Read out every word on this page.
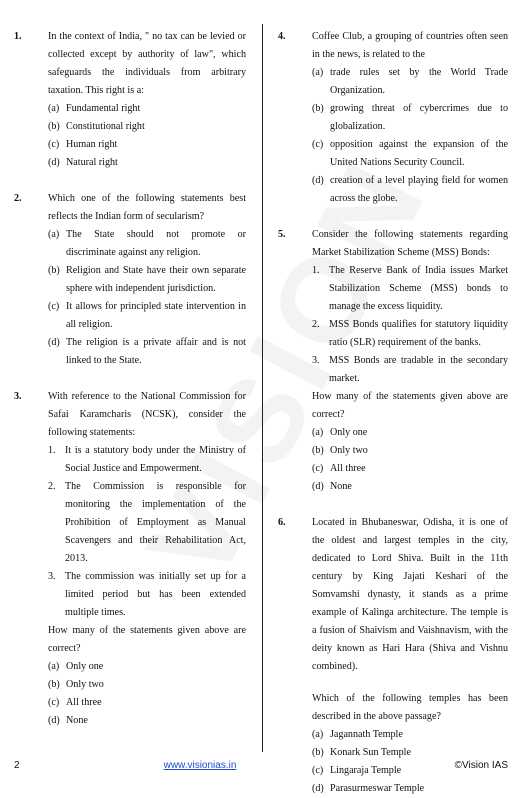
1.	In the context of India, " no tax can be levied or collected except by authority of law", which safeguards the individuals from arbitrary taxation. This right is a:
(a) Fundamental right
(b) Constitutional right
(c) Human right
(d) Natural right
2.	Which one of the following statements best reflects the Indian form of secularism?
(a) The State should not promote or discriminate against any religion.
(b) Religion and State have their own separate sphere with independent jurisdiction.
(c) It allows for principled state intervention in all religion.
(d) The religion is a private affair and is not linked to the State.
3.	With reference to the National Commission for Safai Karamcharis (NCSK), consider the following statements:
1. It is a statutory body under the Ministry of Social Justice and Empowerment.
2. The Commission is responsible for monitoring the implementation of the Prohibition of Employment as Manual Scavengers and their Rehabilitation Act, 2013.
3. The commission was initially set up for a limited period but has been extended multiple times.
How many of the statements given above are correct?
(a) Only one
(b) Only two
(c) All three
(d) None
4.	Coffee Club, a grouping of countries often seen in the news, is related to the
(a) trade rules set by the World Trade Organization.
(b) growing threat of cybercrimes due to globalization.
(c) opposition against the expansion of the United Nations Security Council.
(d) creation of a level playing field for women across the globe.
5.	Consider the following statements regarding Market Stabilization Scheme (MSS) Bonds:
1. The Reserve Bank of India issues Market Stabilization Scheme (MSS) bonds to manage the excess liquidity.
2. MSS Bonds qualifies for statutory liquidity ratio (SLR) requirement of the banks.
3. MSS Bonds are tradable in the secondary market.
How many of the statements given above are correct?
(a) Only one
(b) Only two
(c) All three
(d) None
6.	Located in Bhubaneswar, Odisha, it is one of the oldest and largest temples in the city, dedicated to Lord Shiva. Built in the 11th century by King Jajati Keshari of the Somvamshi dynasty, it stands as a prime example of Kalinga architecture. The temple is a fusion of Shaivism and Vaishnavism, with the deity known as Hari Hara (Shiva and Vishnu combined).
Which of the following temples has been described in the above passage?
(a) Jagannath Temple
(b) Konark Sun Temple
(c) Lingaraja Temple
(d) Parasurmeswar Temple
2	www.visionias.in	©Vision IAS
